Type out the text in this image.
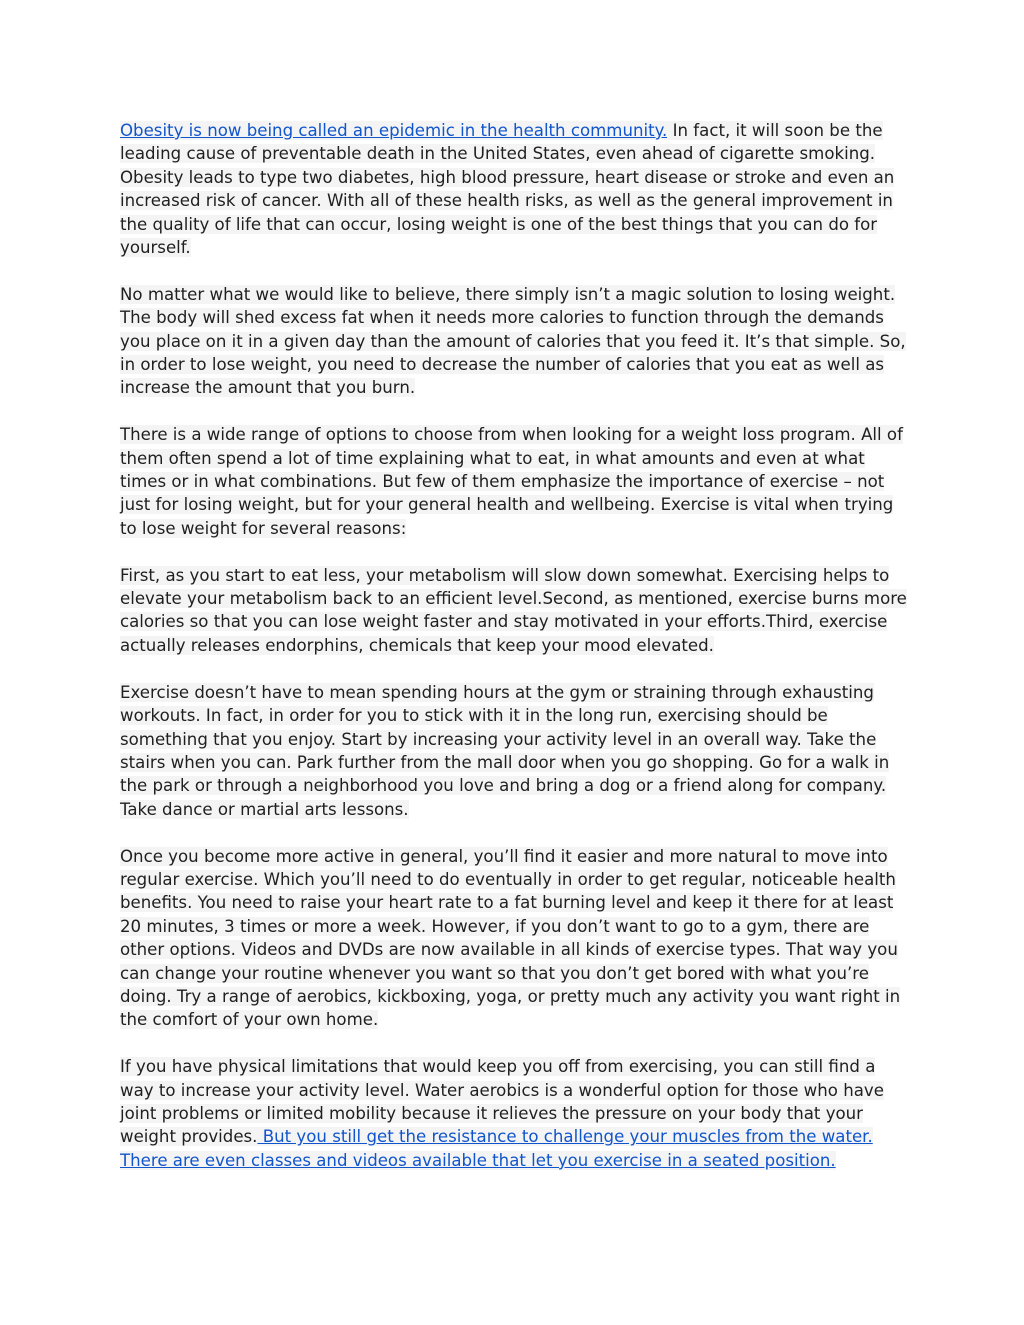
Obesity is now being called an epidemic in the health community. In fact, it will soon be the leading cause of preventable death in the United States, even ahead of cigarette smoking. Obesity leads to type two diabetes, high blood pressure, heart disease or stroke and even an increased risk of cancer. With all of these health risks, as well as the general improvement in the quality of life that can occur, losing weight is one of the best things that you can do for yourself.

No matter what we would like to believe, there simply isn’t a magic solution to losing weight. The body will shed excess fat when it needs more calories to function through the demands you place on it in a given day than the amount of calories that you feed it. It’s that simple. So, in order to lose weight, you need to decrease the number of calories that you eat as well as increase the amount that you burn.

There is a wide range of options to choose from when looking for a weight loss program. All of them often spend a lot of time explaining what to eat, in what amounts and even at what times or in what combinations. But few of them emphasize the importance of exercise – not just for losing weight, but for your general health and wellbeing. Exercise is vital when trying to lose weight for several reasons:

First, as you start to eat less, your metabolism will slow down somewhat. Exercising helps to elevate your metabolism back to an efficient level.Second, as mentioned, exercise burns more calories so that you can lose weight faster and stay motivated in your efforts.Third, exercise actually releases endorphins, chemicals that keep your mood elevated.

Exercise doesn’t have to mean spending hours at the gym or straining through exhausting workouts. In fact, in order for you to stick with it in the long run, exercising should be something that you enjoy. Start by increasing your activity level in an overall way. Take the stairs when you can. Park further from the mall door when you go shopping. Go for a walk in the park or through a neighborhood you love and bring a dog or a friend along for company. Take dance or martial arts lessons.

Once you become more active in general, you’ll find it easier and more natural to move into regular exercise. Which you’ll need to do eventually in order to get regular, noticeable health benefits. You need to raise your heart rate to a fat burning level and keep it there for at least 20 minutes, 3 times or more a week. However, if you don’t want to go to a gym, there are other options. Videos and DVDs are now available in all kinds of exercise types. That way you can change your routine whenever you want so that you don’t get bored with what you’re doing. Try a range of aerobics, kickboxing, yoga, or pretty much any activity you want right in the comfort of your own home.

If you have physical limitations that would keep you off from exercising, you can still find a way to increase your activity level. Water aerobics is a wonderful option for those who have joint problems or limited mobility because it relieves the pressure on your body that your weight provides. But you still get the resistance to challenge your muscles from the water. There are even classes and videos available that let you exercise in a seated position.
